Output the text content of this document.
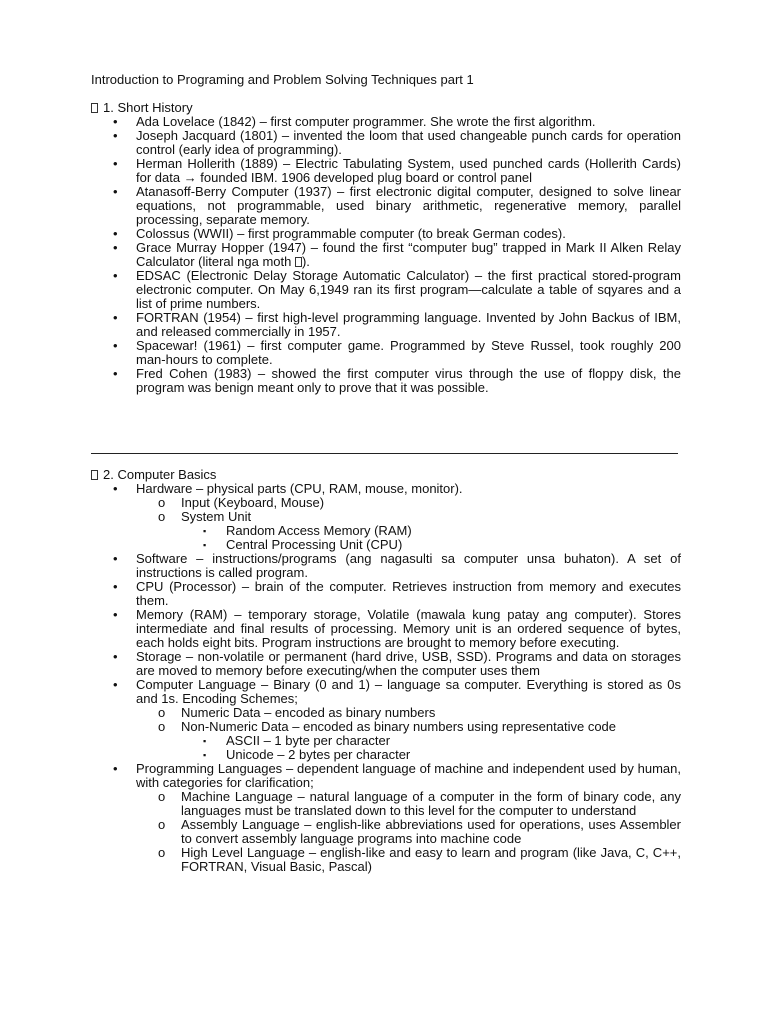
Introduction to Programing and Problem Solving Techniques part 1
1. Short History
• Ada Lovelace (1842) – first computer programmer. She wrote the first algorithm.
• Joseph Jacquard (1801) – invented the loom that used changeable punch cards for operation control (early idea of programming).
• Herman Hollerith (1889) – Electric Tabulating System, used punched cards (Hollerith Cards) for data → founded IBM. 1906 developed plug board or control panel
• Atanasoff-Berry Computer (1937) – first electronic digital computer, designed to solve linear equations, not programmable, used binary arithmetic, regenerative memory, parallel processing, separate memory.
• Colossus (WWII) – first programmable computer (to break German codes).
• Grace Murray Hopper (1947) – found the first “computer bug” trapped in Mark II Alken Relay Calculator (literal nga moth ).
• EDSAC (Electronic Delay Storage Automatic Calculator) – the first practical stored-program electronic computer. On May 6,1949 ran its first program—calculate a table of sqyares and a list of prime numbers.
• FORTRAN (1954) – first high-level programming language. Invented by John Backus of IBM, and released commercially in 1957.
• Spacewar! (1961) – first computer game. Programmed by Steve Russel, took roughly 200 man-hours to complete.
• Fred Cohen (1983) – showed the first computer virus through the use of floppy disk, the program was benign meant only to prove that it was possible.
2. Computer Basics
• Hardware – physical parts (CPU, RAM, mouse, monitor).
o Input (Keyboard, Mouse)
o System Unit
▪ Random Access Memory (RAM)
▪ Central Processing Unit (CPU)
• Software – instructions/programs (ang nagasulti sa computer unsa buhaton). A set of instructions is called program.
• CPU (Processor) – brain of the computer. Retrieves instruction from memory and executes them.
• Memory (RAM) – temporary storage, Volatile (mawala kung patay ang computer). Stores intermediate and final results of processing. Memory unit is an ordered sequence of bytes, each holds eight bits. Program instructions are brought to memory before executing.
• Storage – non-volatile or permanent (hard drive, USB, SSD). Programs and data on storages are moved to memory before executing/when the computer uses them
• Computer Language – Binary (0 and 1) – language sa computer. Everything is stored as 0s and 1s. Encoding Schemes;
o Numeric Data – encoded as binary numbers
o Non-Numeric Data – encoded as binary numbers using representative code
▪ ASCII – 1 byte per character
▪ Unicode – 2 bytes per character
• Programming Languages – dependent language of machine and independent used by human, with categories for clarification;
o Machine Language – natural language of a computer in the form of binary code, any languages must be translated down to this level for the computer to understand
o Assembly Language – english-like abbreviations used for operations, uses Assembler to convert assembly language programs into machine code
o High Level Language – english-like and easy to learn and program (like Java, C, C++, FORTRAN, Visual Basic, Pascal)
